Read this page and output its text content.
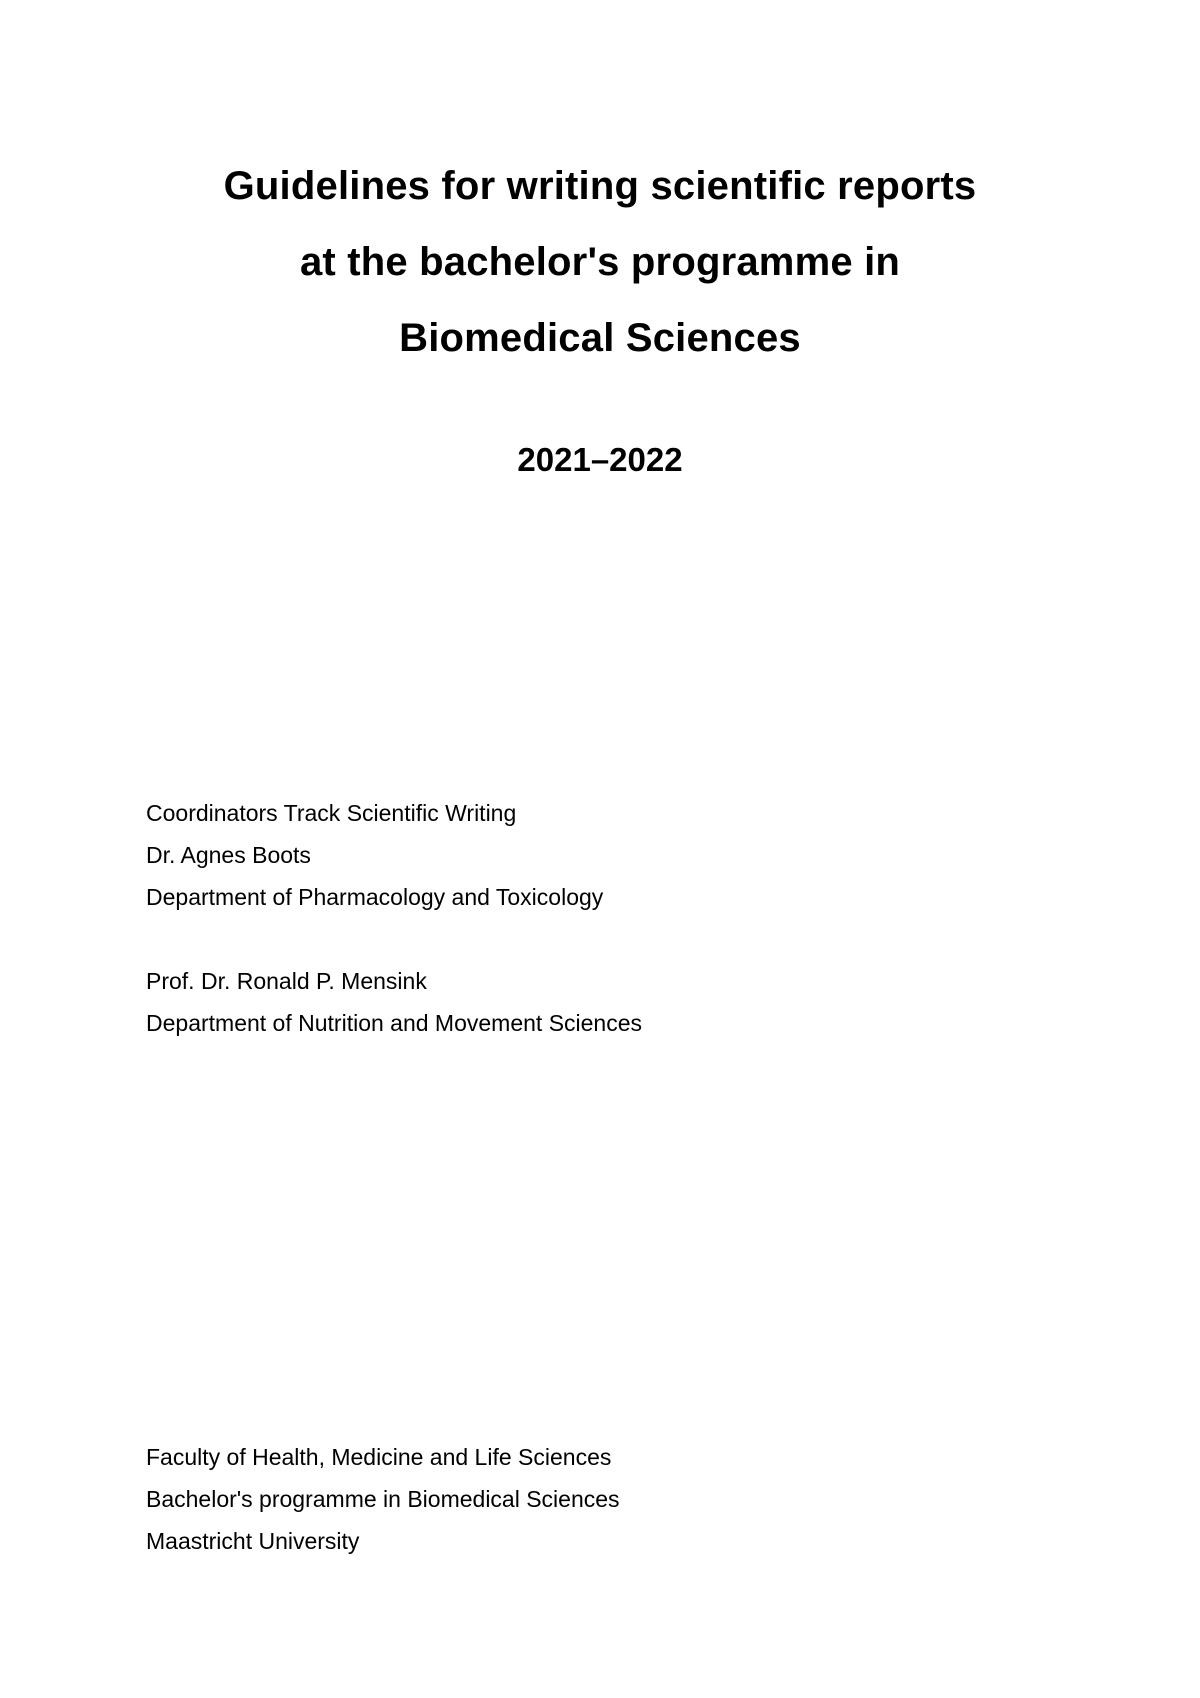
Guidelines for writing scientific reports
at the bachelor's programme in
Biomedical Sciences
2021–2022
Coordinators Track Scientific Writing
Dr. Agnes Boots
Department of Pharmacology and Toxicology
Prof. Dr. Ronald P. Mensink
Department of Nutrition and Movement Sciences
Faculty of Health, Medicine and Life Sciences
Bachelor's programme in Biomedical Sciences
Maastricht University
